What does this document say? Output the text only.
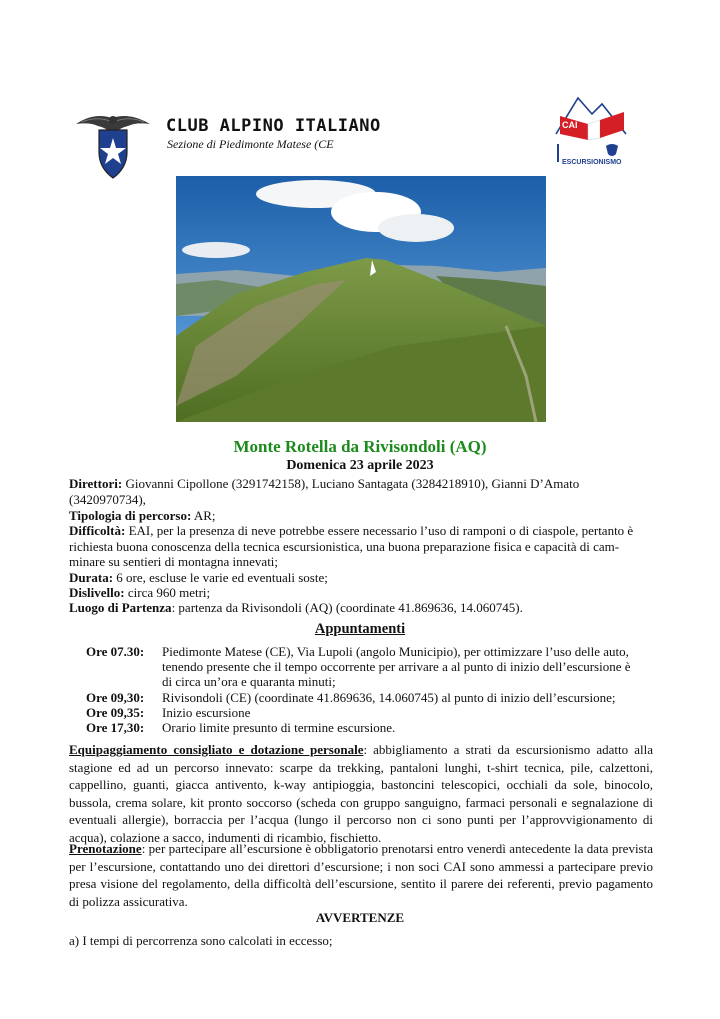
CLUB ALPINO ITALIANO
Sezione di Piedimonte Matese (CE
CAI
ESCURSIONISMO
Monte Rotella da Rivisondoli (AQ)
Domenica 23 aprile 2023
Direttori: Giovanni Cipollone (3291742158), Luciano Santagata (3284218910), Gianni D’Amato
(3420970734),
Tipologia di percorso: AR;
Difficoltà: EAI, per la presenza di neve potrebbe essere necessario l’uso di ramponi o di ciaspole, pertanto è
richiesta buona conoscenza della tecnica escursionistica, una buona preparazione fisica e capacità di cam-
minare su sentieri di montagna innevati;
Durata: 6 ore, escluse le varie ed eventuali soste;
Dislivello: circa 960 metri;
Luogo di Partenza: partenza da Rivisondoli (AQ) (coordinate 41.869636, 14.060745).
Appuntamenti
Ore 07.30:	Piedimonte Matese (CE), Via Lupoli (angolo Municipio), per ottimizzare l’uso delle auto,
tenendo presente che il tempo occorrente per arrivare a al punto di inizio dell’escursione è
di circa un’ora e quaranta minuti;
Ore 09,30:	Rivisondoli (CE) (coordinate 41.869636, 14.060745) al punto di inizio dell’escursione;
Ore 09,35:	Inizio escursione
Ore 17,30:	Orario limite presunto di termine escursione.
Equipaggiamento consigliato e dotazione personale: abbigliamento a strati da escursionismo adatto alla stagione ed ad un percorso innevato: scarpe da trekking, pantaloni lunghi, t-shirt tecnica, pile, calzettoni, cappellino, guanti, giacca antivento, k-way antipioggia, bastoncini telescopici, occhiali da sole, binocolo, bussola, crema solare, kit pronto soccorso (scheda con gruppo sanguigno, farmaci personali e segnalazione di eventuali allergie), borraccia per l’acqua (lungo il percorso non ci sono punti per l’approvvigionamento di acqua), colazione a sacco, indumenti di ricambio, fischietto.
Prenotazione: per partecipare all’escursione è obbligatorio prenotarsi entro venerdì antecedente la data prevista per l’escursione, contattando uno dei direttori d’escursione; i non soci CAI sono ammessi a partecipare previo presa visione del regolamento, della difficoltà dell’escursione, sentito il parere dei referenti, previo pagamento di polizza assicurativa.
AVVERTENZE
a) I tempi di percorrenza sono calcolati in eccesso;
